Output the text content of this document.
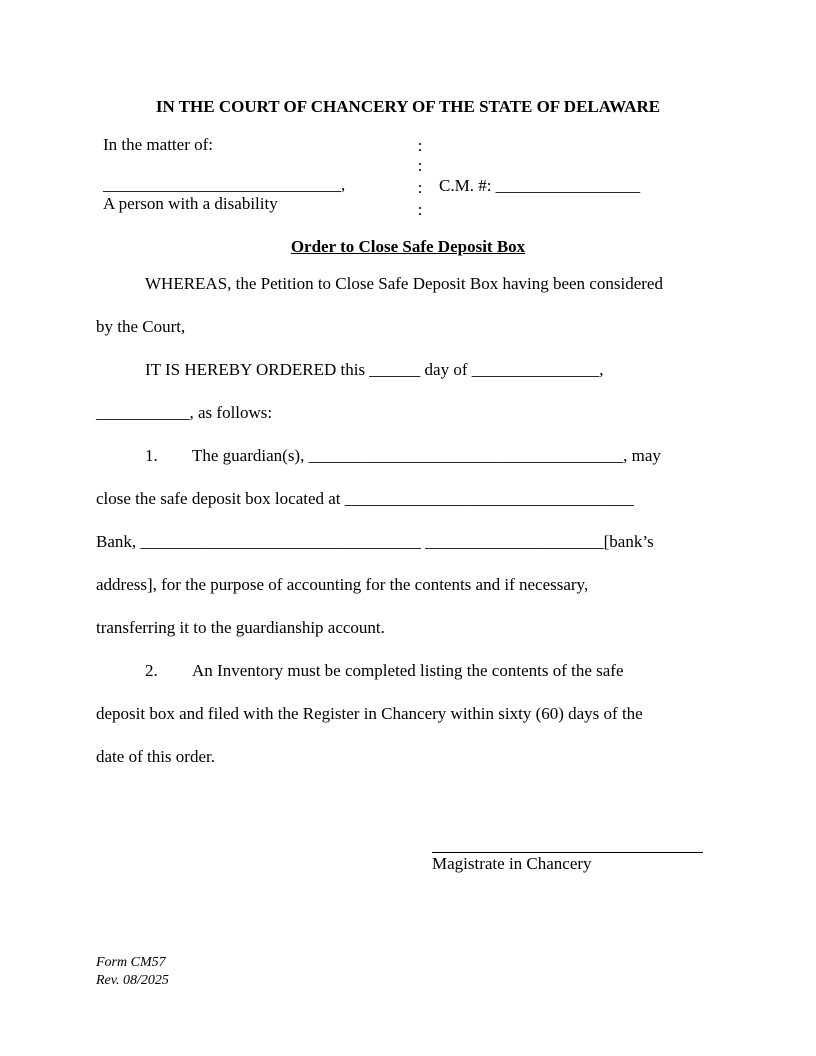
IN THE COURT OF CHANCERY OF THE STATE OF DELAWARE
In the matter of:
____________________________,
A person with a disability
:
:
:
:
C.M. #: _________________
Order to Close Safe Deposit Box
WHEREAS, the Petition to Close Safe Deposit Box having been considered
by the Court,
IT IS HEREBY ORDERED this ______ day of _______________,
___________, as follows:
1. The guardian(s), _____________________________________, may
close the safe deposit box located at __________________________________
Bank, _________________________________ _____________________[bank’s
address], for the purpose of accounting for the contents and if necessary,
transferring it to the guardianship account.
2. An Inventory must be completed listing the contents of the safe
deposit box and filed with the Register in Chancery within sixty (60) days of the
date of this order.
Magistrate in Chancery
Form CM57
Rev. 08/2025
